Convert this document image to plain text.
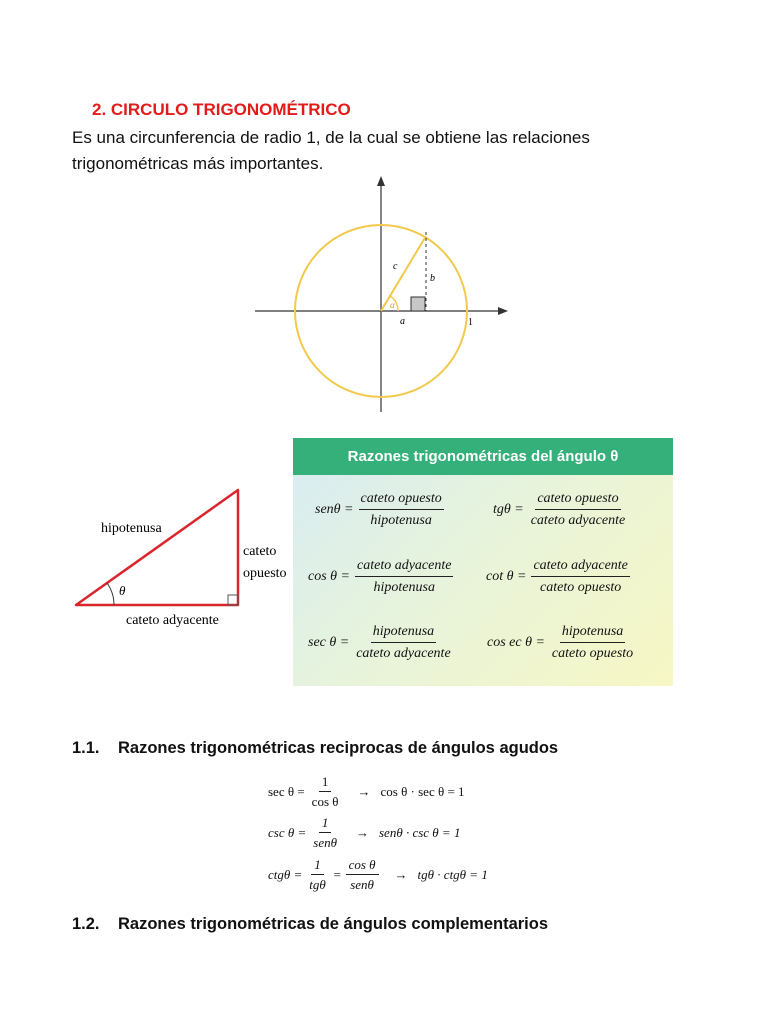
2. CIRCULO TRIGONOMÉTRICO
Es una circunferencia de radio 1, de la cual se obtiene las relaciones trigonométricas más importantes.
c
b
a	1
α
hipotenusa
cateto
opuesto
cateto adyacente
θ
Razones trigonométricas del ángulo θ
$sen\theta = \frac{\text{cateto opuesto}}{\text{hipotenusa}}$	$tg\theta = \frac{\text{cateto opuesto}}{\text{cateto adyacente}}$
$\cos \theta = \frac{\text{cateto adyacente}}{\text{hipotenusa}}$ $\cot \theta = \frac{\text{cateto adyacente}}{\text{cateto opuesto}}$
$\sec \theta = \frac{\text{hipotenusa}}{\text{cateto adyacente}}$ cos ec $\theta = \frac{\text{hipotenusa}}{\text{cateto opuesto}}$
1.1. Razones trigonométricas reciprocas de ángulos agudos
$\sec \theta = \frac{1}{\text{cos θ}} \to \cos \theta \cdot \sec \theta = 1$
$\csc \theta = \frac{1}{\text{senθ}} \to sen\theta \cdot \csc \theta = 1$
$ctg\theta = \frac{1}{\text{tgθ}} = \frac{\text{cos θ}}{\text{senθ}} \to tg\theta \cdot ctg\theta = 1$
1.2. Razones trigonométricas de ángulos complementarios
